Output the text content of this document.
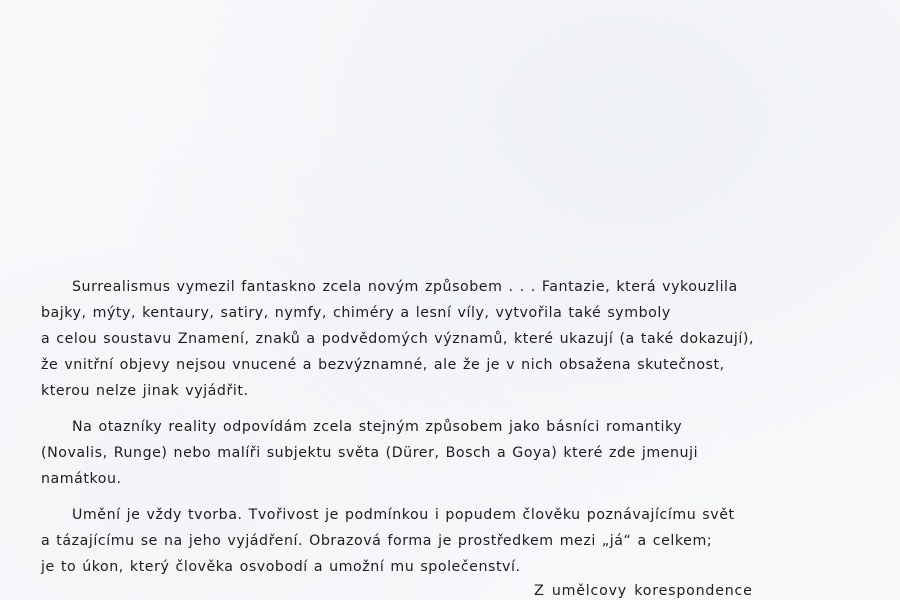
···· ······
Surrealismus vymezil fantaskno zcela novým způsobem . . . Fantazie, která vykouzlila
bajky, mýty, kentaury, satiry, nymfy, chiméry a lesní víly, vytvořila také symboly
a celou soustavu Znamení, znaků a podvědomých významů, které ukazují (a také dokazují),
že vnitřní objevy nejsou vnucené a bezvýznamné, ale že je v nich obsažena skutečnost,
kterou nelze jinak vyjádřit.
Na otazníky reality odpovídám zcela stejným způsobem jako básníci romantiky
(Novalis, Runge) nebo malíři subjektu světa (Dürer, Bosch a Goya) které zde jmenuji
namátkou.
Umění je vždy tvorba. Tvořivost je podmínkou i popudem člověku poznávajícímu svět
a tázajícímu se na jeho vyjádření. Obrazová forma je prostředkem mezi „já“ a celkem;
je to úkon, který člověka osvobodí a umožní mu společenství.
Z umělcovy korespondence
